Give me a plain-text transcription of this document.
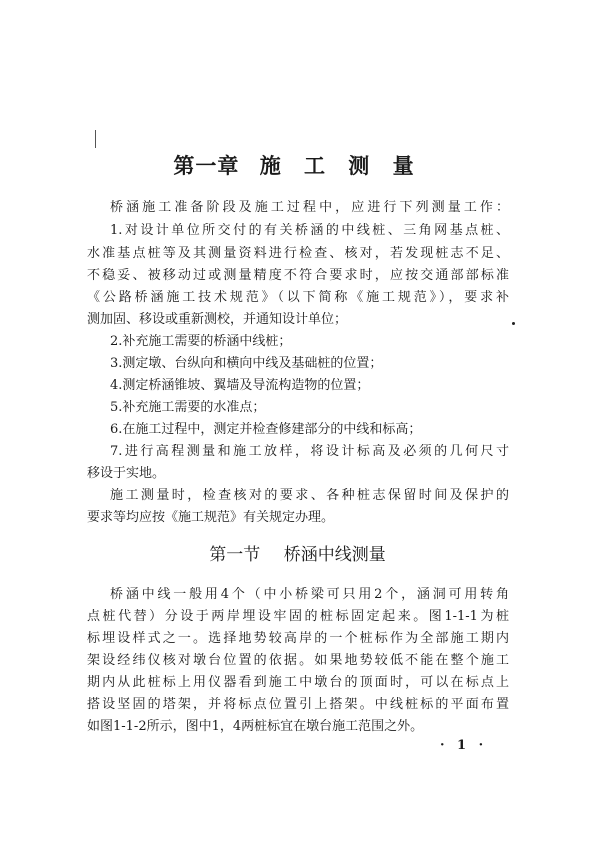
第一章 施 工 测 量
桥涵施工准备阶段及施工过程中，应进行下列测量工作：
1.对设计单位所交付的有关桥涵的中线桩、三角网基点桩、
水准基点桩等及其测量资料进行检查、核对，若发现桩志不足、
不稳妥、被移动过或测量精度不符合要求时，应按交通部部标准
《公路桥涵施工技术规范》（以下简称《施工规范》），要求补
测加固、移设或重新测校，并通知设计单位；
2.补充施工需要的桥涵中线桩；
3.测定墩、台纵向和横向中线及基础桩的位置；
4.测定桥涵锥坡、翼墙及导流构造物的位置；
5.补充施工需要的水准点；
6.在施工过程中，测定并检查修建部分的中线和标高；
7.进行高程测量和施工放样，将设计标高及必须的几何尺寸
移设于实地。
施工测量时，检查核对的要求、各种桩志保留时间及保护的
要求等均应按《施工规范》有关规定办理。
第一节 桥涵中线测量
桥涵中线一般用4个（中小桥梁可只用2个，涵洞可用转角
点桩代替）分设于两岸埋设牢固的桩标固定起来。图1-1-1为桩
标埋设样式之一。选择地势较高岸的一个桩标作为全部施工期内
架设经纬仪核对墩台位置的依据。如果地势较低不能在整个施工
期内从此桩标上用仪器看到施工中墩台的顶面时，可以在标点上
搭设坚固的塔架，并将标点位置引上搭架。中线桩标的平面布置
如图1-1-2所示，图中1，4两桩标宜在墩台施工范围之外。
· 1 ·
